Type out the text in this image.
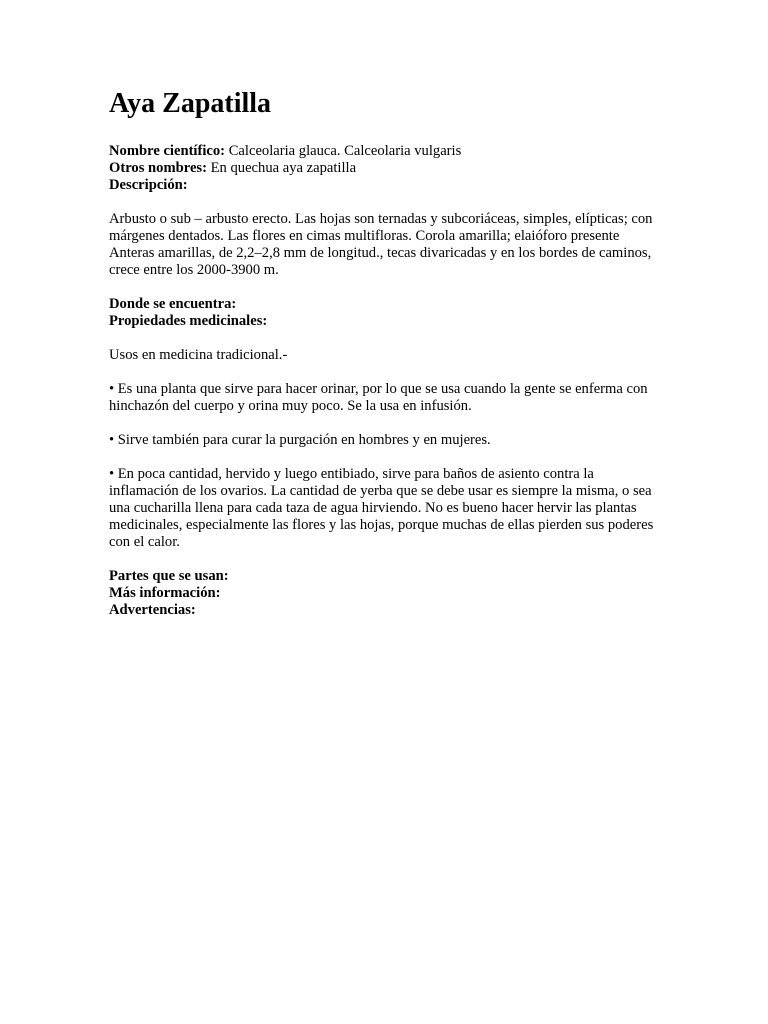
Aya Zapatilla

Nombre científico: Calceolaria glauca. Calceolaria vulgaris

Otros nombres: En quechua aya zapatilla

Descripción:

Arbusto o sub – arbusto erecto. Las hojas son ternadas y subcoriáceas, simples, elípticas; con márgenes dentados. Las flores en cimas multifloras. Corola amarilla; elaióforo presente Anteras amarillas, de 2,2–2,8 mm de longitud., tecas divaricadas y en los bordes de caminos, crece entre los 2000-3900 m.

Donde se encuentra:

Propiedades medicinales:

Usos en medicina tradicional.-

• Es una planta que sirve para hacer orinar, por lo que se usa cuando la gente se enferma con hinchazón del cuerpo y orina muy poco. Se la usa en infusión.

• Sirve también para curar la purgación en hombres y en mujeres.

• En poca cantidad, hervido y luego entibiado, sirve para baños de asiento contra la inflamación de los ovarios. La cantidad de yerba que se debe usar es siempre la misma, o sea una cucharilla llena para cada taza de agua hirviendo. No es bueno hacer hervir las plantas medicinales, especialmente las flores y las hojas, porque muchas de ellas pierden sus poderes con el calor.

Partes que se usan:

Más información:

Advertencias:
